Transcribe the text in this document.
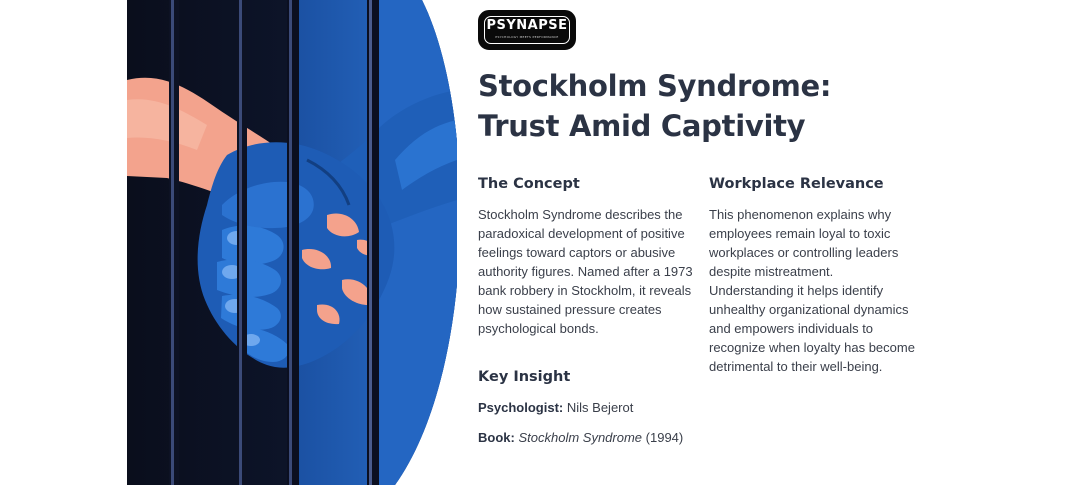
PSYNAPSE
PSYCHOLOGY MEETS PERFORMANCE
Stockholm Syndrome: Trust Amid Captivity
The Concept
Stockholm Syndrome describes the paradoxical development of positive feelings toward captors or abusive authority figures. Named after a 1973 bank robbery in Stockholm, it reveals how sustained pressure creates psychological bonds.
Key Insight
Psychologist: Nils Bejerot
Book: Stockholm Syndrome (1994)
Workplace Relevance
This phenomenon explains why employees remain loyal to toxic workplaces or controlling leaders despite mistreatment. Understanding it helps identify unhealthy organizational dynamics and empowers individuals to recognize when loyalty has become detrimental to their well-being.
